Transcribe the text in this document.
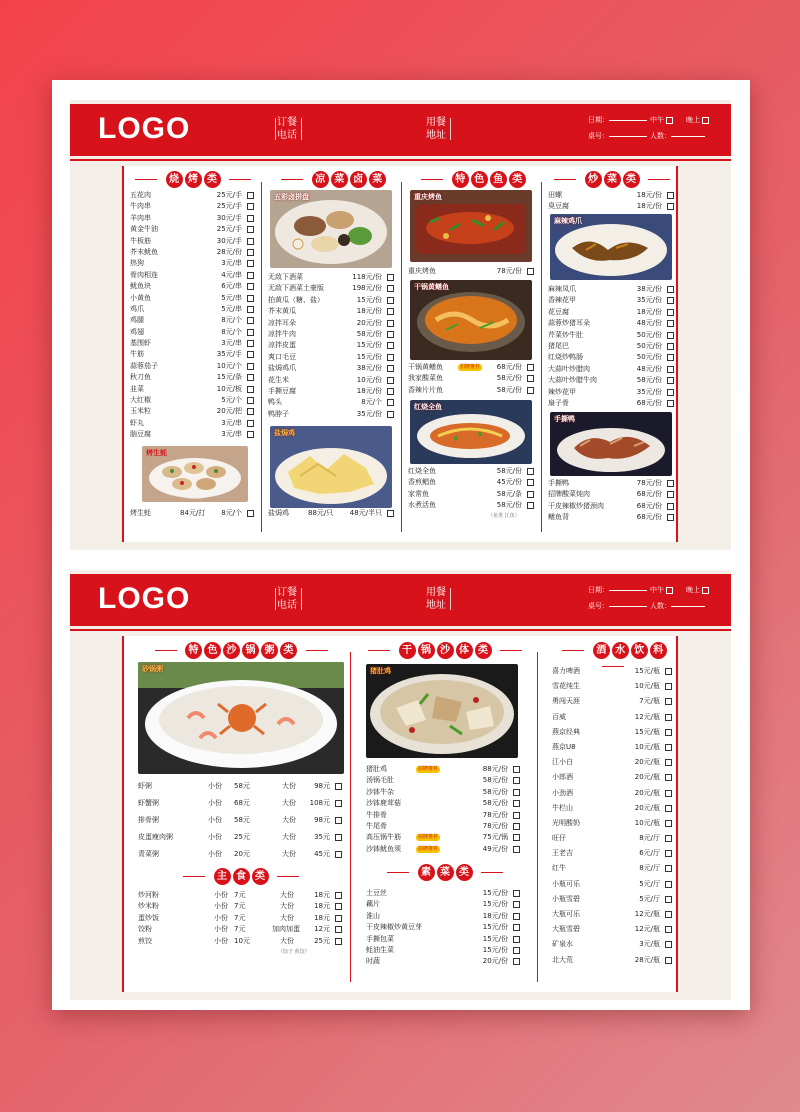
LOGO	订餐电话
用餐地址
日期：	中午	晚上
桌号：	人数：
烧 烤 类
五花肉	25元/手
牛肉串	25元/手
羊肉串	30元/手
黄金牛油	25元/手
牛板筋	30元/手
芥末鱿鱼	28元/份
热狗	3元/串
骨肉相连	4元/串
鱿鱼块	6元/串
小黄鱼	5元/串
鸡爪	5元/串
鸡腿	8元/个
鸡翅	8元/个
基围虾	3元/串
牛筋	35元/手
蒜蓉茄子	10元/个
秋刀鱼	15元/条
韭菜	10元/板
大红椒	5元/个
玉米粒	20元/把
虾丸	3元/串
脑豆腐	3元/串
烤生蚝
烤生蚝	84元/打 8元/个
凉 菜 卤 菜
五彩卤拼盘
无敌下酒菜	118元/份
无敌下酒菜土豪版	198元/份
拍黄瓜（糖、盐）	15元/份
芥末黄瓜	18元/份
凉拌耳朵	20元/份
凉拌牛肉	58元/份
凉拌皮蛋	15元/份
爽口毛豆	15元/份
盐焗鸡爪	38元/份
花生米	10元/份
手撕豆腐	18元/份
鸭头	8元/个
鸭脖子	35元/份
盐焗鸡
盐焗鸡	88元/只 48元/半只
特 色 鱼 类
重庆烤鱼
重庆烤鱼	78元/份
干锅黄鳝鱼
干锅黄鳝鱼	招牌推荐 68元/份
我家酸菜鱼	58元/份
香辣片片鱼	58元/份
红烧全鱼
红烧全鱼	58元/份
香煎鲳鱼	45元/份
家常鱼	58元/条
水煮活鱼	58元/份
（鱼类 江鱼）
炒 菜 类
田螺	18元/份
臭豆腐	18元/份
麻辣鸡爪
麻辣凤爪	38元/份
香辣花甲	35元/份
花豆腐	18元/份
蒜蓉炒猪耳朵	48元/份
芹菜炒牛肚	50元/份
猪尾巴	50元/份
红烧炒鸭肠	50元/份
大蒜叶炒腊肉	48元/份
大蒜叶炒腊牛肉	58元/份
辣炒花甲	35元/份
扇子骨	68元/份
手撕鸭
手撕鸭	78元/份
招牌酸菜炖肉	68元/份
干皮辣椒炒猪颈肉	68元/份
鳝鱼背	68元/份
LOGO	订餐电话
用餐地址
日期：	中午	晚上
桌号：	人数：
特 色 沙 锅 粥 类
砂锅粥
虾粥	小份 58元	大份	98元
虾蟹粥	小份 68元	大份 108元
排骨粥	小份 58元	大份	98元
皮蛋瘦肉粥	小份 25元	大份	35元
青菜粥	小份 20元	大份	45元
主 食 类
炒河粉	小份 7元	大份	18元
炒米粉	小份 7元	大份	18元
蛋炒饭	小份 7元	大份	18元
饺粉	小份 7元	加肉加蛋 12元
煎饺	小份 10元	大份	25元
（饺子 煎饺）
干 锅 沙 体 类
猪肚鸡
猪肚鸡	招牌推荐	88元/份
汤锅毛肚	58元/份
沙钵牛杂	58元/份
沙钵鹿茸菇	58元/份
牛排骨	78元/份
牛尾骨	78元/份
高压锅牛筋	招牌推荐	75元/锅
沙钵鱿鱼须	招牌推荐	49元/份
素 菜 类
土豆丝	15元/份
藕片	15元/份
淮山	18元/份
干皮辣椒炒黄豆芽	15元/份
手撕包菜	15元/份
蚝油生菜	15元/份
时蔬	20元/份
酒 水 饮 料
喜力啤酒	15元/瓶
雪花纯生	10元/瓶
勇闯天涯	7元/瓶
百威	12元/瓶
燕京经典	15元/瓶
燕京U8	10元/瓶
江小白	20元/瓶
小郎酒	20元/瓶
小劲酒	20元/瓶
牛栏山	20元/瓶
光明酸奶	10元/瓶
旺仔	8元/厅
王老吉	6元/厅
红牛	8元/厅
小瓶可乐	5元/厅
小瓶雪碧	5元/厅
大瓶可乐	12元/瓶
大瓶雪碧	12元/瓶
矿泉水	3元/瓶
北大荒	28元/瓶
